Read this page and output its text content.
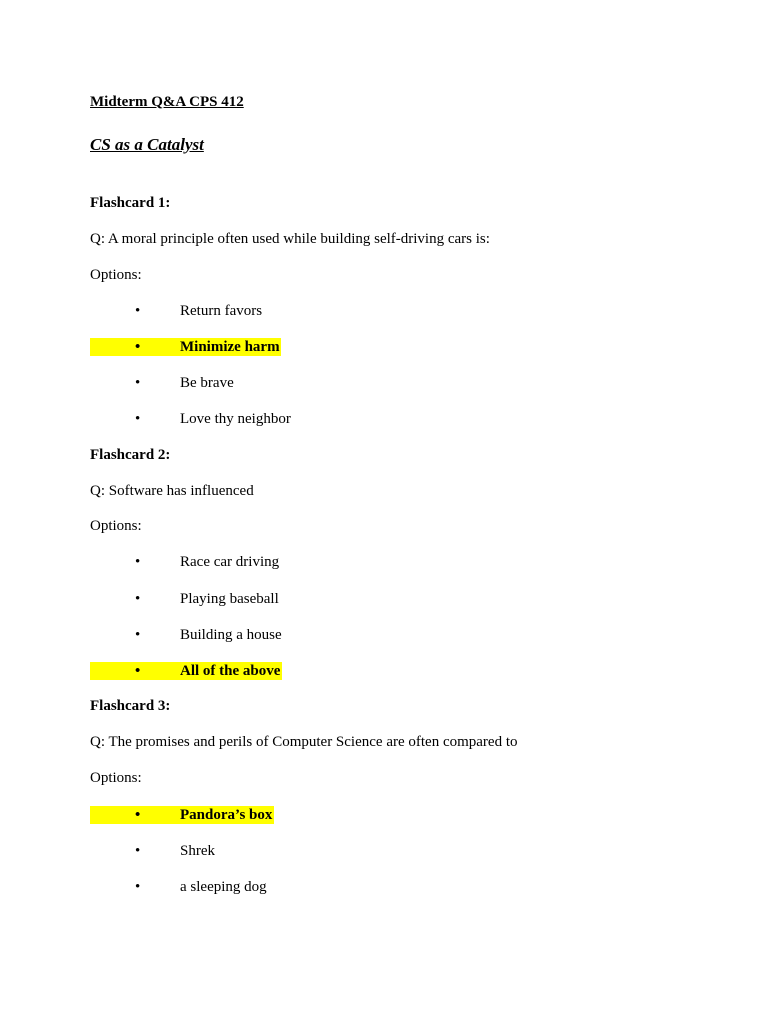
Midterm Q&A CPS 412
CS as a Catalyst
Flashcard 1:
Q: A moral principle often used while building self-driving cars is:
Options:
•	Return favors
•	Minimize harm
•	Be brave
•	Love thy neighbor
Flashcard 2:
Q: Software has influenced
Options:
•	Race car driving
•	Playing baseball
•	Building a house
•	All of the above
Flashcard 3:
Q: The promises and perils of Computer Science are often compared to
Options:
•	Pandora’s box
•	Shrek
•	a sleeping dog
